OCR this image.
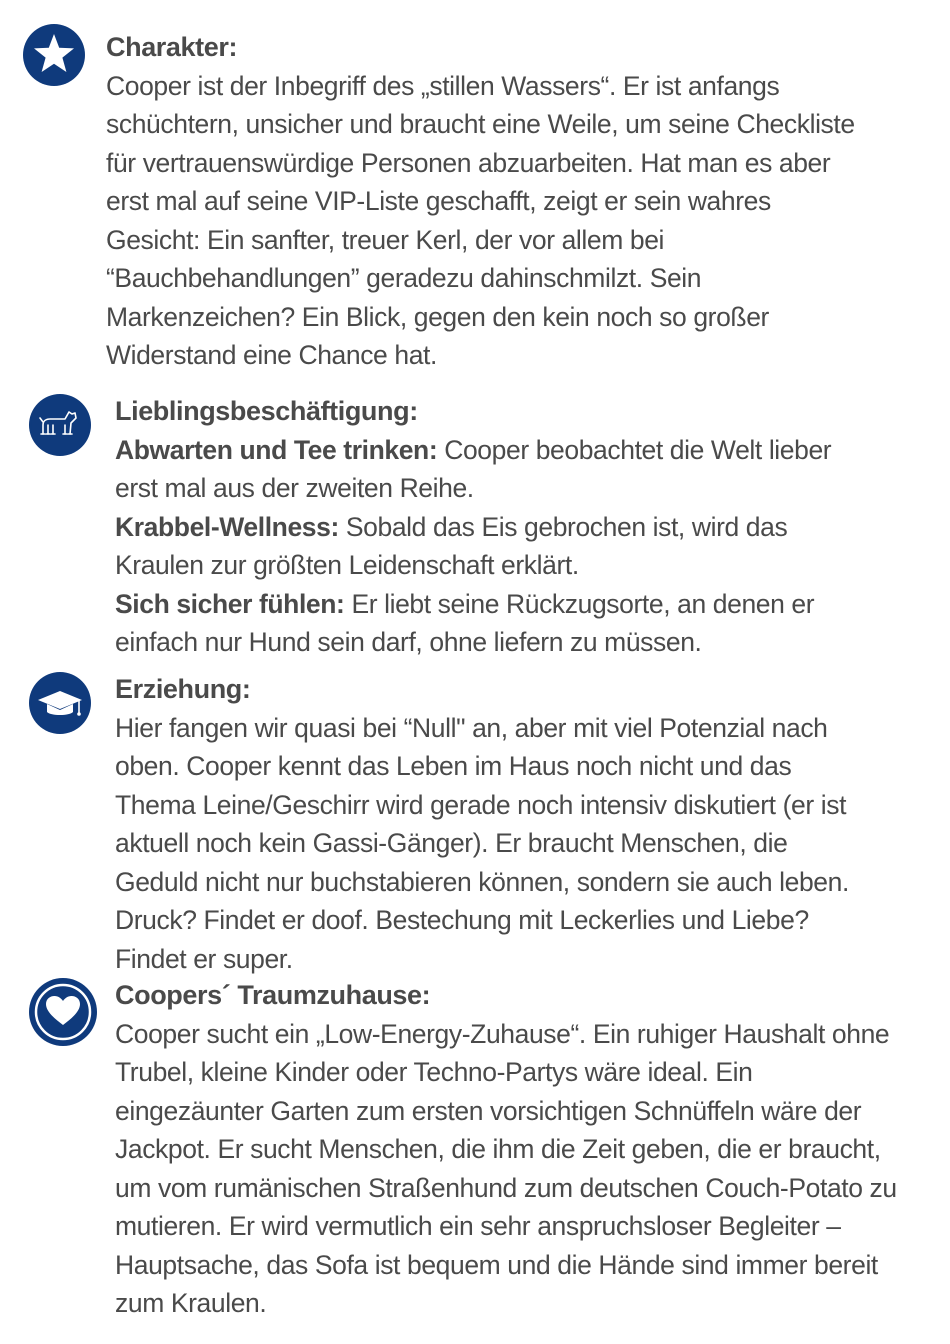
Charakter:
Cooper ist der Inbegriff des „stillen Wassers“. Er ist anfangs schüchtern, unsicher und braucht eine Weile, um seine Checkliste für vertrauenswürdige Personen abzuarbeiten. Hat man es aber erst mal auf seine VIP-Liste geschafft, zeigt er sein wahres Gesicht: Ein sanfter, treuer Kerl, der vor allem bei “Bauchbehandlungen” geradezu dahinschmilzt. Sein Markenzeichen? Ein Blick, gegen den kein noch so großer Widerstand eine Chance hat.
Lieblingsbeschäftigung:
Abwarten und Tee trinken: Cooper beobachtet die Welt lieber erst mal aus der zweiten Reihe.
Krabbel-Wellness: Sobald das Eis gebrochen ist, wird das Kraulen zur größten Leidenschaft erklärt.
Sich sicher fühlen: Er liebt seine Rückzugsorte, an denen er einfach nur Hund sein darf, ohne liefern zu müssen.
Erziehung:
Hier fangen wir quasi bei “Null" an, aber mit viel Potenzial nach oben. Cooper kennt das Leben im Haus noch nicht und das Thema Leine/Geschirr wird gerade noch intensiv diskutiert (er ist aktuell noch kein Gassi-Gänger). Er braucht Menschen, die Geduld nicht nur buchstabieren können, sondern sie auch leben. Druck? Findet er doof. Bestechung mit Leckerlies und Liebe? Findet er super.
Coopers´ Traumzuhause:
Cooper sucht ein „Low-Energy-Zuhause“. Ein ruhiger Haushalt ohne Trubel, kleine Kinder oder Techno-Partys wäre ideal. Ein eingezäunter Garten zum ersten vorsichtigen Schnüffeln wäre der Jackpot. Er sucht Menschen, die ihm die Zeit geben, die er braucht, um vom rumänischen Straßenhund zum deutschen Couch-Potato zu mutieren. Er wird vermutlich ein sehr anspruchsloser Begleiter – Hauptsache, das Sofa ist bequem und die Hände sind immer bereit zum Kraulen.
